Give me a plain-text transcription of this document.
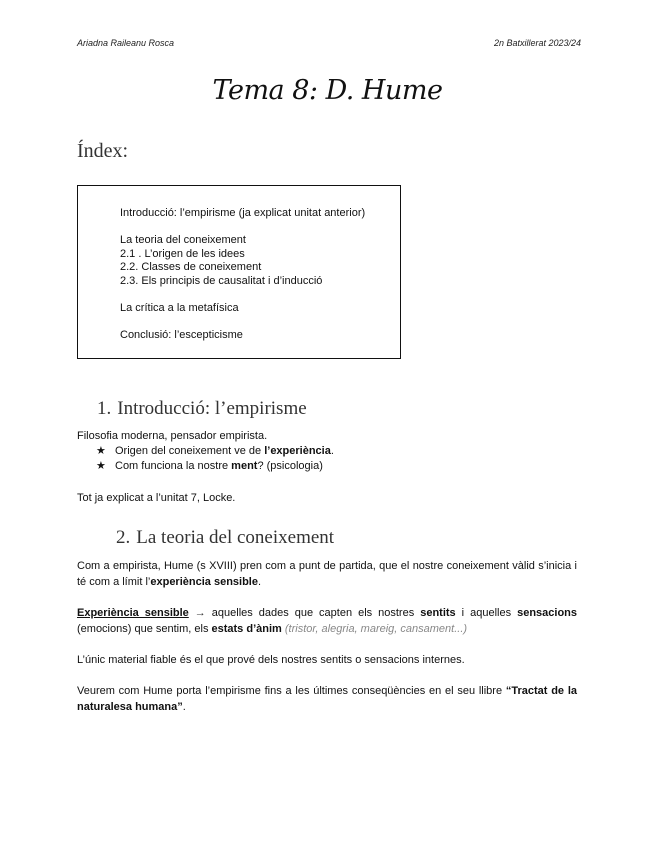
Ariadna Raileanu Rosca	2n Batxillerat 2023/24
Tema 8: D. Hume
Índex:
Introducció: l’empirisme (ja explicat unitat anterior)
La teoria del coneixement
2.1 . L’origen de les idees
2.2. Classes de coneixement
2.3. Els principis de causalitat i d’inducció
La crítica a la metafísica
Conclusió: l’escepticisme
1. Introducció: l’empirisme
Filosofia moderna, pensador empirista.
★ Origen del coneixement ve de l’experiència.
★ Com funciona la nostre ment? (psicologia)
Tot ja explicat a l’unitat 7, Locke.
2. La teoria del coneixement
Com a empirista, Hume (s XVIII) pren com a punt de partida, que el nostre coneixement vàlid s’inicia i té com a límit l’experiència sensible.
Experiència sensible → aquelles dades que capten els nostres sentits i aquelles sensacions (emocions) que sentim, els estats d’ànim (tristor, alegria, mareig, cansament...)
L’únic material fiable és el que prové dels nostres sentits o sensacions internes.
Veurem com Hume porta l’empirisme fins a les últimes conseqüències en el seu llibre “Tractat de la naturalesa humana”.
